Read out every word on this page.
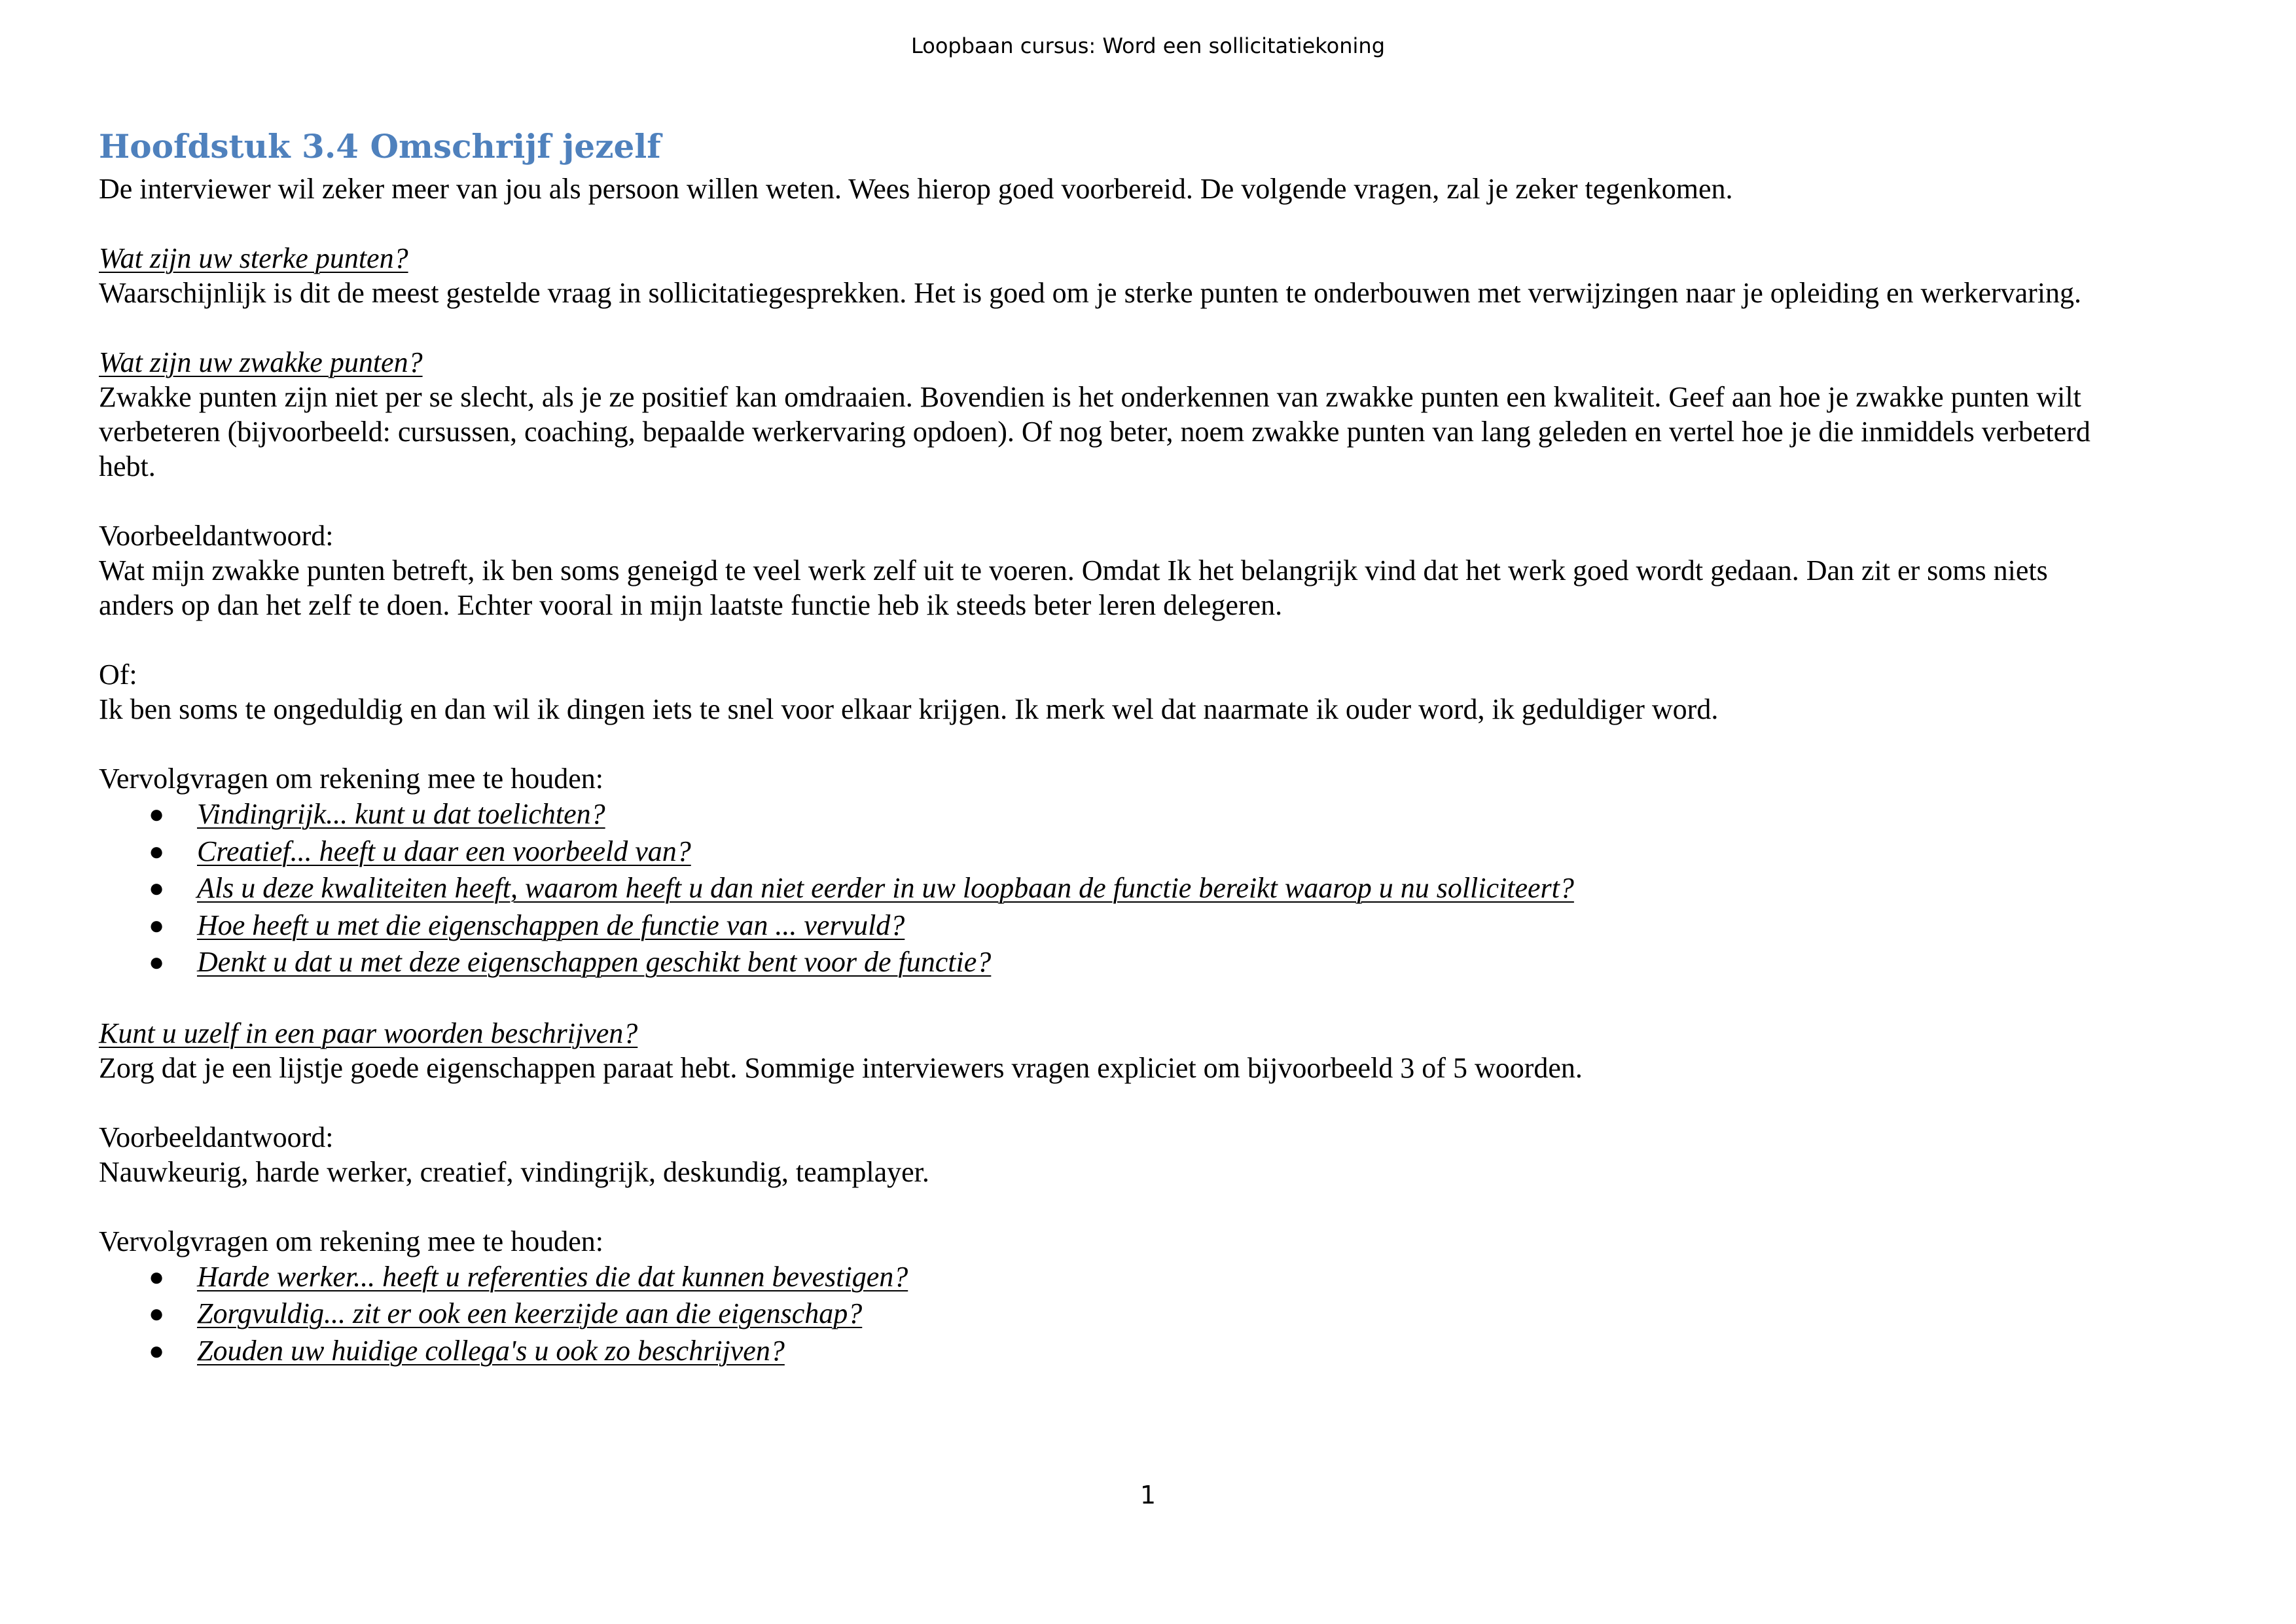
Loopbaan cursus: Word een sollicitatiekoning
Hoofdstuk 3.4 Omschrijf jezelf

De interviewer wil zeker meer van jou als persoon willen weten. Wees hierop goed voorbereid. De volgende vragen, zal je zeker tegenkomen.

Wat zijn uw sterke punten?

Waarschijnlijk is dit de meest gestelde vraag in sollicitatiegesprekken. Het is goed om je sterke punten te onderbouwen met verwijzingen naar je opleiding en werkervaring.

Wat zijn uw zwakke punten?

Zwakke punten zijn niet per se slecht, als je ze positief kan omdraaien. Bovendien is het onderkennen van zwakke punten een kwaliteit. Geef aan hoe je zwakke punten wilt

verbeteren (bijvoorbeeld: cursussen, coaching, bepaalde werkervaring opdoen). Of nog beter, noem zwakke punten van lang geleden en vertel hoe je die inmiddels verbeterd

hebt.

Voorbeeldantwoord:

Wat mijn zwakke punten betreft, ik ben soms geneigd te veel werk zelf uit te voeren. Omdat Ik het belangrijk vind dat het werk goed wordt gedaan. Dan zit er soms niets

anders op dan het zelf te doen. Echter vooral in mijn laatste functie heb ik steeds beter leren delegeren.

Of:

Ik ben soms te ongeduldig en dan wil ik dingen iets te snel voor elkaar krijgen. Ik merk wel dat naarmate ik ouder word, ik geduldiger word.

Vervolgvragen om rekening mee te houden:

● Vindingrijk... kunt u dat toelichten?
● Creatief... heeft u daar een voorbeeld van?
● Als u deze kwaliteiten heeft, waarom heeft u dan niet eerder in uw loopbaan de functie bereikt waarop u nu solliciteert?
● Hoe heeft u met die eigenschappen de functie van ... vervuld?
● Denkt u dat u met deze eigenschappen geschikt bent voor de functie?

Kunt u uzelf in een paar woorden beschrijven?

Zorg dat je een lijstje goede eigenschappen paraat hebt. Sommige interviewers vragen expliciet om bijvoorbeeld 3 of 5 woorden.

Voorbeeldantwoord:

Nauwkeurig, harde werker, creatief, vindingrijk, deskundig, teamplayer.

Vervolgvragen om rekening mee te houden:

● Harde werker... heeft u referenties die dat kunnen bevestigen?
● Zorgvuldig... zit er ook een keerzijde aan die eigenschap?
● Zouden uw huidige collega's u ook zo beschrijven?
1
